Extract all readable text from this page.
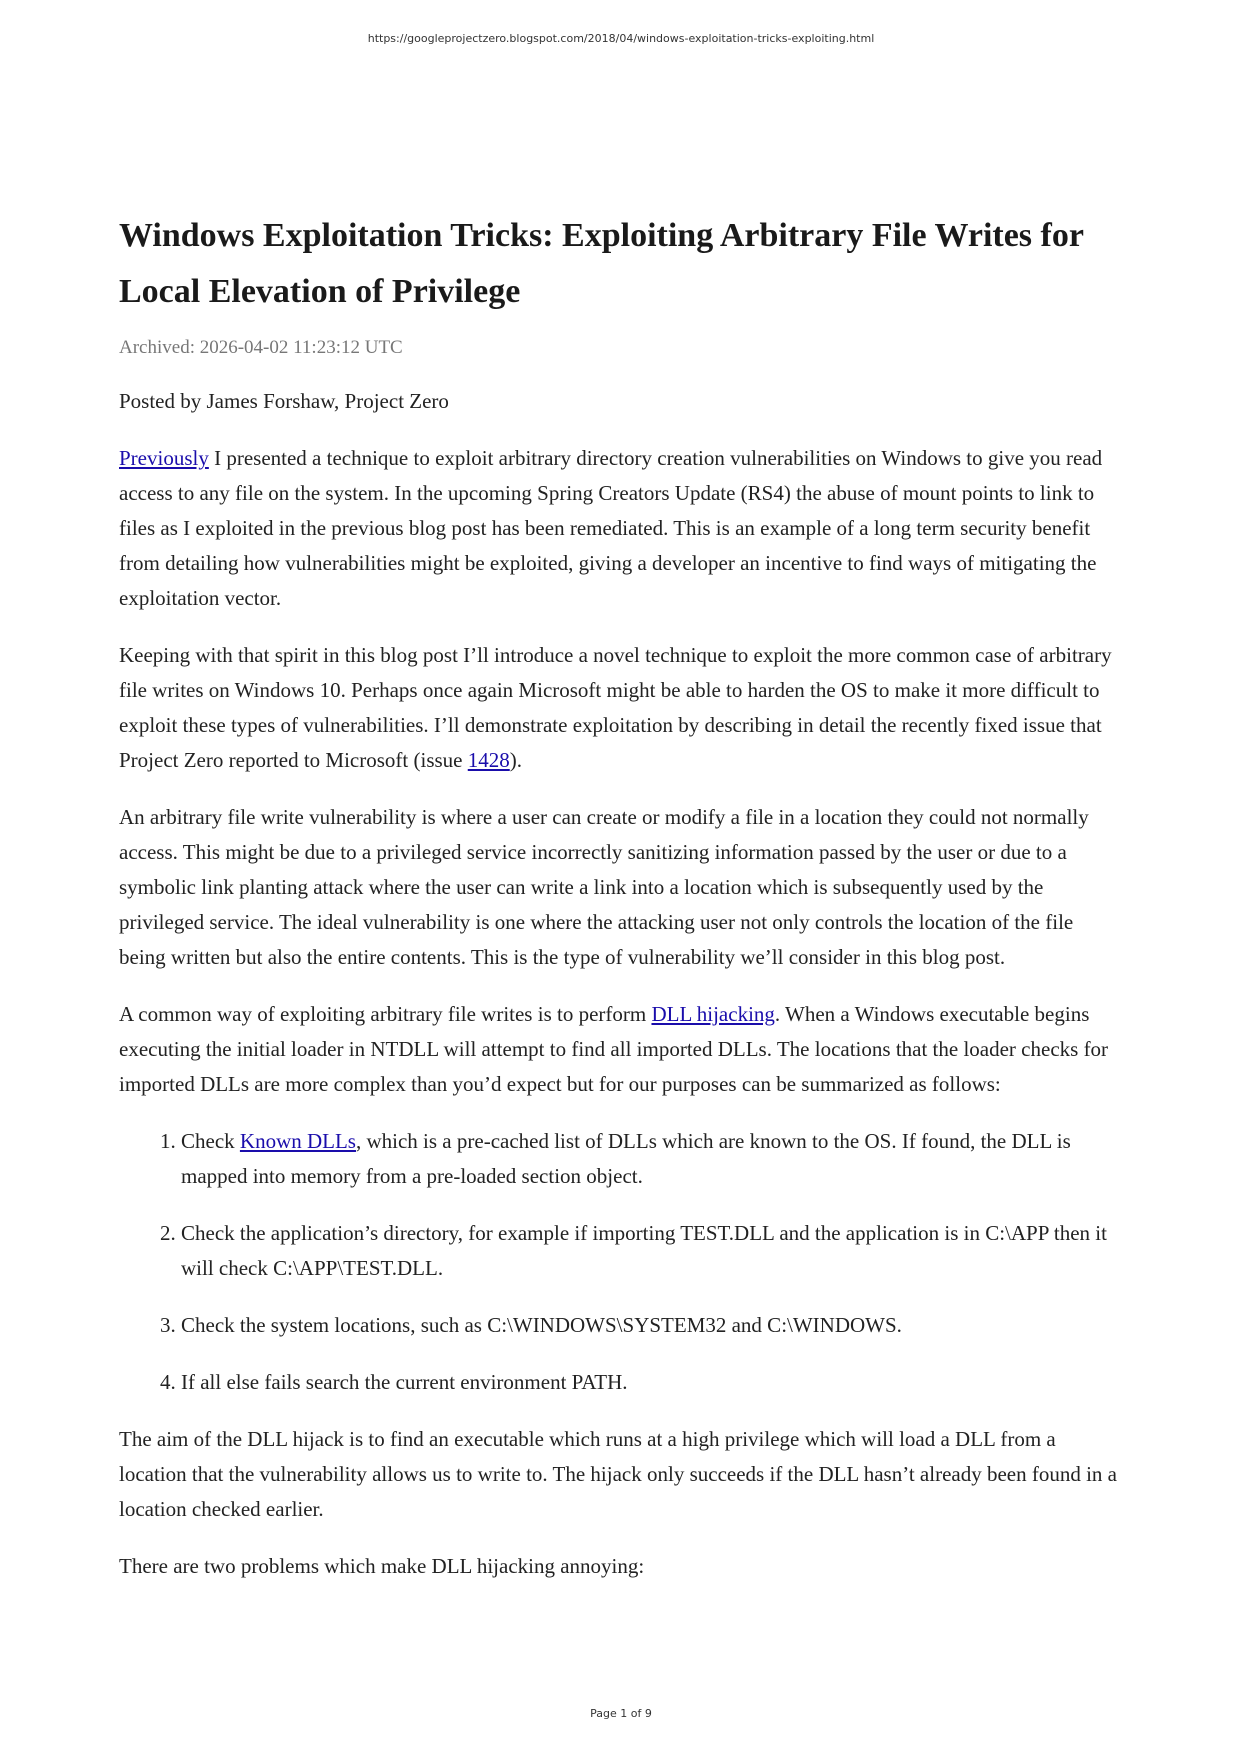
https://googleprojectzero.blogspot.com/2018/04/windows-exploitation-tricks-exploiting.html
Windows Exploitation Tricks: Exploiting Arbitrary File Writes for Local Elevation of Privilege
Archived: 2026-04-02 11:23:12 UTC

Posted by James Forshaw, Project Zero

Previously I presented a technique to exploit arbitrary directory creation vulnerabilities on Windows to give you read access to any file on the system. In the upcoming Spring Creators Update (RS4) the abuse of mount points to link to files as I exploited in the previous blog post has been remediated. This is an example of a long term security benefit from detailing how vulnerabilities might be exploited, giving a developer an incentive to find ways of mitigating the exploitation vector.

Keeping with that spirit in this blog post I’ll introduce a novel technique to exploit the more common case of arbitrary file writes on Windows 10. Perhaps once again Microsoft might be able to harden the OS to make it more difficult to exploit these types of vulnerabilities. I’ll demonstrate exploitation by describing in detail the recently fixed issue that Project Zero reported to Microsoft (issue 1428).

An arbitrary file write vulnerability is where a user can create or modify a file in a location they could not normally access. This might be due to a privileged service incorrectly sanitizing information passed by the user or due to a symbolic link planting attack where the user can write a link into a location which is subsequently used by the privileged service. The ideal vulnerability is one where the attacking user not only controls the location of the file being written but also the entire contents. This is the type of vulnerability we’ll consider in this blog post.

A common way of exploiting arbitrary file writes is to perform DLL hijacking. When a Windows executable begins executing the initial loader in NTDLL will attempt to find all imported DLLs. The locations that the loader checks for imported DLLs are more complex than you’d expect but for our purposes can be summarized as follows:

1. Check Known DLLs, which is a pre-cached list of DLLs which are known to the OS. If found, the DLL is mapped into memory from a pre-loaded section object.
2. Check the application’s directory, for example if importing TEST.DLL and the application is in C:\APP then it will check C:\APP\TEST.DLL.
3. Check the system locations, such as C:\WINDOWS\SYSTEM32 and C:\WINDOWS.
4. If all else fails search the current environment PATH.

The aim of the DLL hijack is to find an executable which runs at a high privilege which will load a DLL from a location that the vulnerability allows us to write to. The hijack only succeeds if the DLL hasn’t already been found in a location checked earlier.

There are two problems which make DLL hijacking annoying:

Page 1 of 9
